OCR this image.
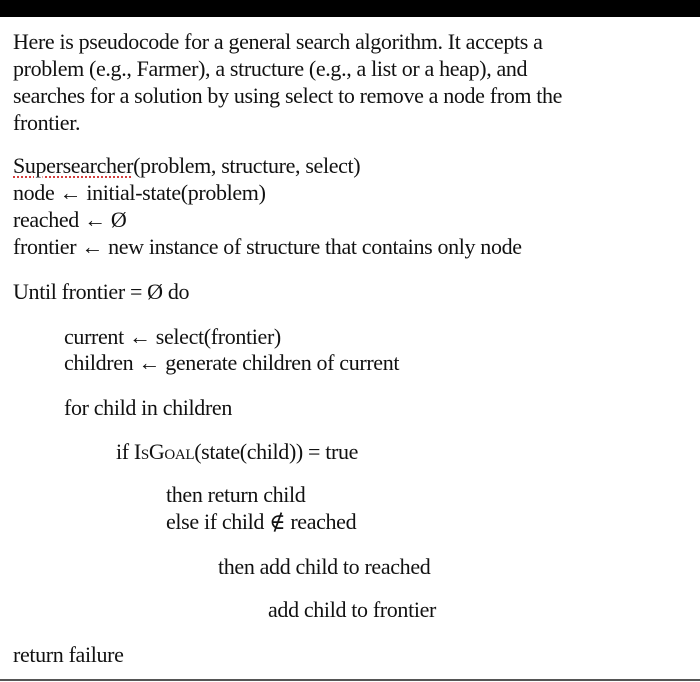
Here is pseudocode for a general search algorithm. It accepts a
problem (e.g., Farmer), a structure (e.g., a list or a heap), and
searches for a solution by using select to remove a node from the
frontier.
Supersearcher(problem, structure, select)
node ← initial-state(problem)
reached ← Ø
frontier ← new instance of structure that contains only node
Until frontier = Ø do
current ← select(frontier)
children ← generate children of current
for child in children
if IsGoal(state(child)) = true
then return child
else if child ∉ reached
then add child to reached
add child to frontier
return failure
